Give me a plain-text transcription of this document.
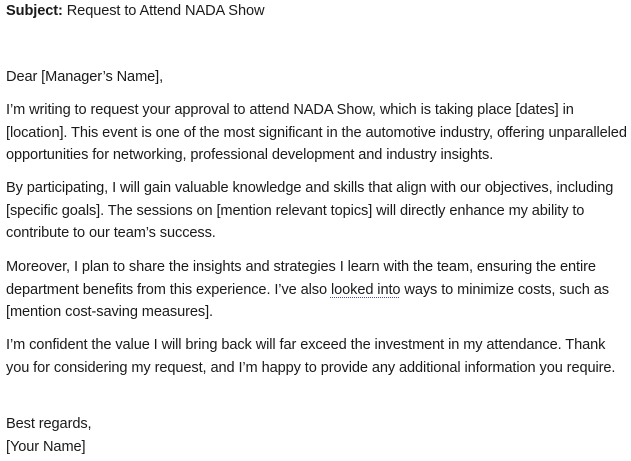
Subject: Request to Attend NADA Show
Dear [Manager’s Name],

I’m writing to request your approval to attend NADA Show, which is taking place [dates] in [location]. This event is one of the most significant in the automotive industry, offering unparalleled opportunities for networking, professional development and industry insights.

By participating, I will gain valuable knowledge and skills that align with our objectives, including [specific goals]. The sessions on [mention relevant topics] will directly enhance my ability to contribute to our team’s success.

Moreover, I plan to share the insights and strategies I learn with the team, ensuring the entire department benefits from this experience. I’ve also looked into ways to minimize costs, such as [mention cost-saving measures].

I’m confident the value I will bring back will far exceed the investment in my attendance. Thank you for considering my request, and I’m happy to provide any additional information you require.

Best regards,
[Your Name]
